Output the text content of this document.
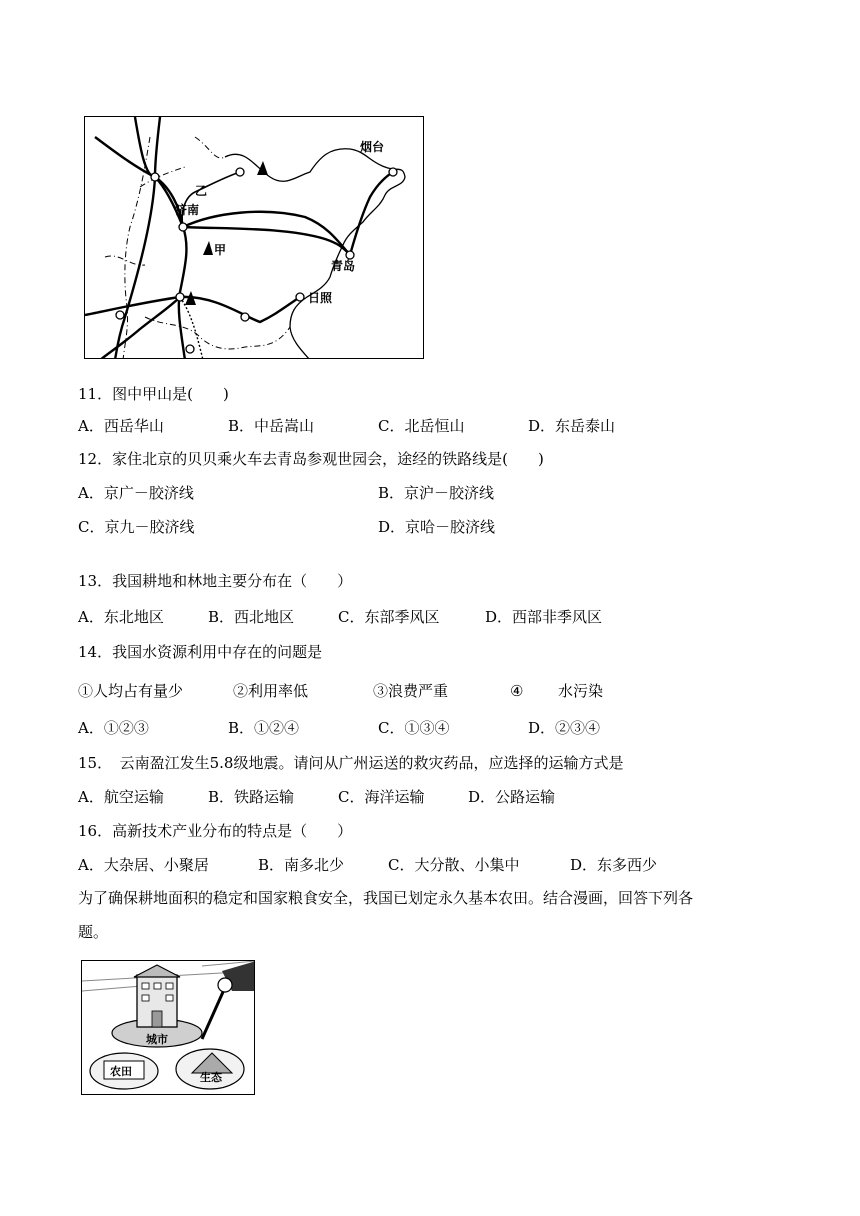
烟台
乙
济南
甲
青岛
日照
11．图中甲山是(　　)
A．西岳华山	B．中岳嵩山	C．北岳恒山	D．东岳泰山
12．家住北京的贝贝乘火车去青岛参观世园会，途经的铁路线是(　　)
A．京广－胶济线	B．京沪－胶济线
C．京九－胶济线	D．京哈－胶济线
13．我国耕地和林地主要分布在（　　）
A．东北地区	B．西北地区	C．东部季风区	D．西部非季风区
14．我国水资源利用中存在的问题是
①人均占有量少	②利用率低	③浪费严重	④ 水污染
A．①②③	B．①②④	C．①③④	D．②③④
15．　云南盈江发生5.8级地震。请问从广州运送的救灾药品，应选择的运输方式是
A．航空运输	B．铁路运输	C．海洋运输	D．公路运输
16．高新技术产业分布的特点是（　　）
A．大杂居、小聚居	B．南多北少	C．大分散、小集中	D．东多西少
为了确保耕地面积的稳定和国家粮食安全，我国已划定永久基本农田。结合漫画，回答下列各
题。
城市
农田	生态
